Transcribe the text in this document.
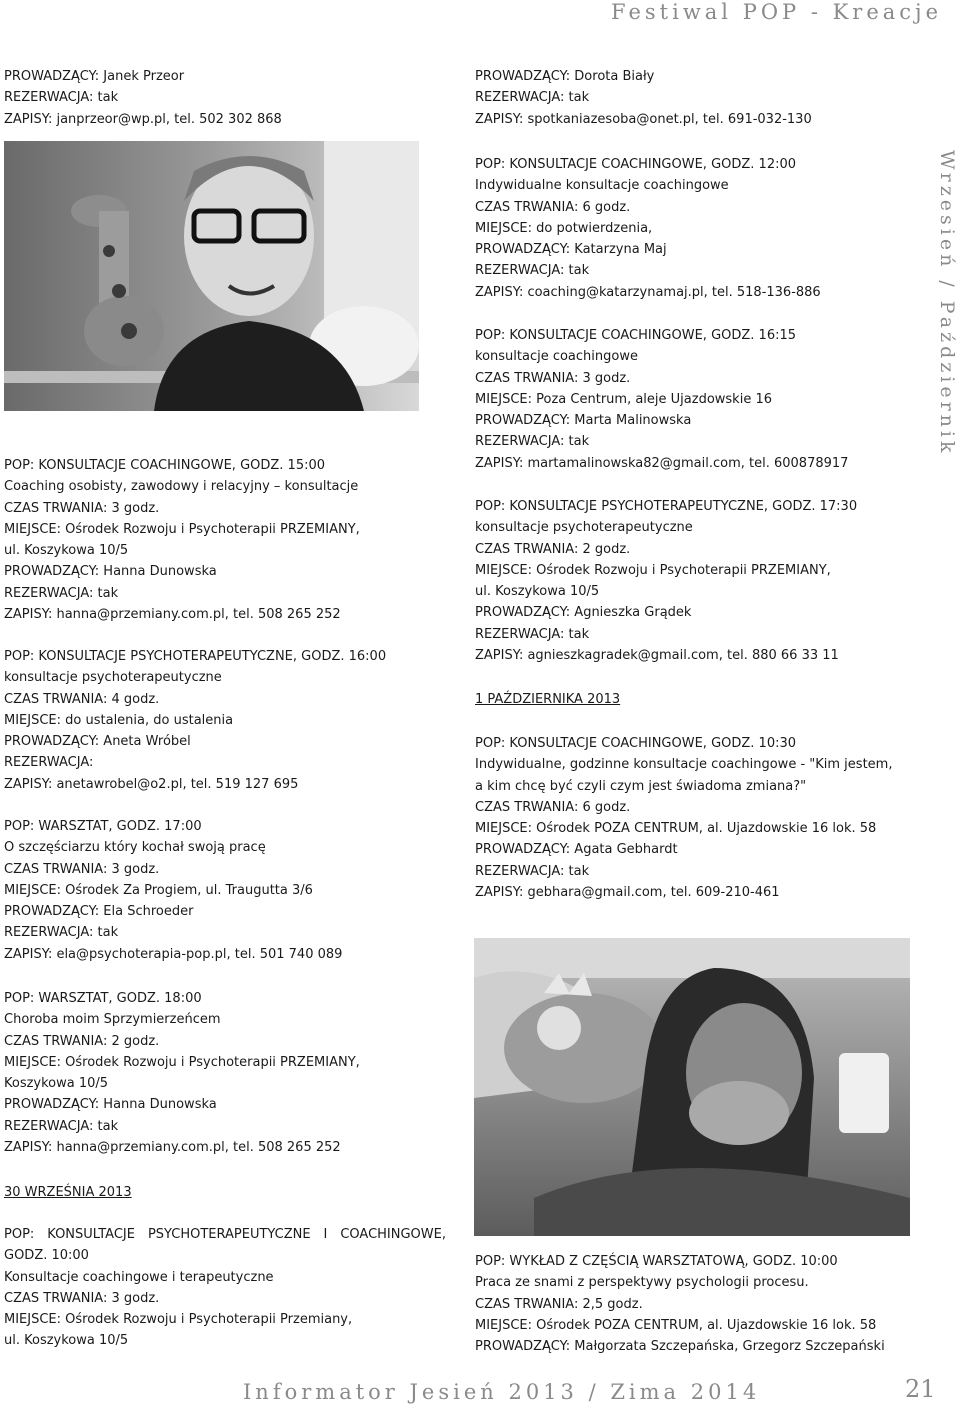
Festiwal POP - Kreacje
PROWADZĄCY: Janek Przeor
REZERWACJA: tak
ZAPISY: janprzeor@wp.pl, tel. 502 302 868
POP: KONSULTACJE COACHINGOWE, GODZ. 15:00
Coaching osobisty, zawodowy i relacyjny – konsultacje
CZAS TRWANIA: 3 godz.
MIEJSCE: Ośrodek Rozwoju i Psychoterapii PRZEMIANY,
ul. Koszykowa 10/5
PROWADZĄCY: Hanna Dunowska
REZERWACJA: tak
ZAPISY: hanna@przemiany.com.pl, tel. 508 265 252
POP: KONSULTACJE PSYCHOTERAPEUTYCZNE, GODZ. 16:00
konsultacje psychoterapeutyczne
CZAS TRWANIA: 4 godz.
MIEJSCE: do ustalenia, do ustalenia
PROWADZĄCY: Aneta Wróbel
REZERWACJA:
ZAPISY: anetawrobel@o2.pl, tel. 519 127 695
POP: WARSZTAT, GODZ. 17:00
O szczęściarzu który kochał swoją pracę
CZAS TRWANIA: 3 godz.
MIEJSCE: Ośrodek Za Progiem, ul. Traugutta 3/6
PROWADZĄCY: Ela Schroeder
REZERWACJA: tak
ZAPISY: ela@psychoterapia-pop.pl, tel. 501 740 089
POP: WARSZTAT, GODZ. 18:00
Choroba moim Sprzymierzeńcem
CZAS TRWANIA: 2 godz.
MIEJSCE: Ośrodek Rozwoju i Psychoterapii PRZEMIANY,
Koszykowa 10/5
PROWADZĄCY: Hanna Dunowska
REZERWACJA: tak
ZAPISY: hanna@przemiany.com.pl, tel. 508 265 252
30 WRZEŚNIA 2013
POP: KONSULTACJE PSYCHOTERAPEUTYCZNE I COACHINGOWE, GODZ. 10:00
Konsultacje coachingowe i terapeutyczne
CZAS TRWANIA: 3 godz.
MIEJSCE: Ośrodek Rozwoju i Psychoterapii Przemiany,
ul. Koszykowa 10/5
PROWADZĄCY: Dorota Biały
REZERWACJA: tak
ZAPISY: spotkaniazesoba@onet.pl, tel. 691-032-130
POP: KONSULTACJE COACHINGOWE, GODZ. 12:00
Indywidualne konsultacje coachingowe
CZAS TRWANIA: 6 godz.
MIEJSCE: do potwierdzenia,
PROWADZĄCY: Katarzyna Maj
REZERWACJA: tak
ZAPISY: coaching@katarzynamaj.pl, tel. 518-136-886
POP: KONSULTACJE COACHINGOWE, GODZ. 16:15
konsultacje coachingowe
CZAS TRWANIA: 3 godz.
MIEJSCE: Poza Centrum, aleje Ujazdowskie 16
PROWADZĄCY: Marta Malinowska
REZERWACJA: tak
ZAPISY: martamalinowska82@gmail.com, tel. 600878917
POP: KONSULTACJE PSYCHOTERAPEUTYCZNE, GODZ. 17:30
konsultacje psychoterapeutyczne
CZAS TRWANIA: 2 godz.
MIEJSCE: Ośrodek Rozwoju i Psychoterapii PRZEMIANY,
ul. Koszykowa 10/5
PROWADZĄCY: Agnieszka Grądek
REZERWACJA: tak
ZAPISY: agnieszkagradek@gmail.com, tel. 880 66 33 11
1 PAŹDZIERNIKA 2013
POP: KONSULTACJE COACHINGOWE, GODZ. 10:30
Indywidualne, godzinne konsultacje coachingowe - "Kim jestem,
a kim chcę być czyli czym jest świadoma zmiana?"
CZAS TRWANIA: 6 godz.
MIEJSCE: Ośrodek POZA CENTRUM, al. Ujazdowskie 16 lok. 58
PROWADZĄCY: Agata Gebhardt
REZERWACJA: tak
ZAPISY: gebhara@gmail.com, tel. 609-210-461
POP: WYKŁAD Z CZĘŚCIĄ WARSZTATOWĄ, GODZ. 10:00
Praca ze snami z perspektywy psychologii procesu.
CZAS TRWANIA: 2,5 godz.
MIEJSCE: Ośrodek POZA CENTRUM, al. Ujazdowskie 16 lok. 58
PROWADZĄCY: Małgorzata Szczepańska, Grzegorz Szczepański
Wrzesień / Październik
Informator Jesień 2013 / Zima 2014	21
